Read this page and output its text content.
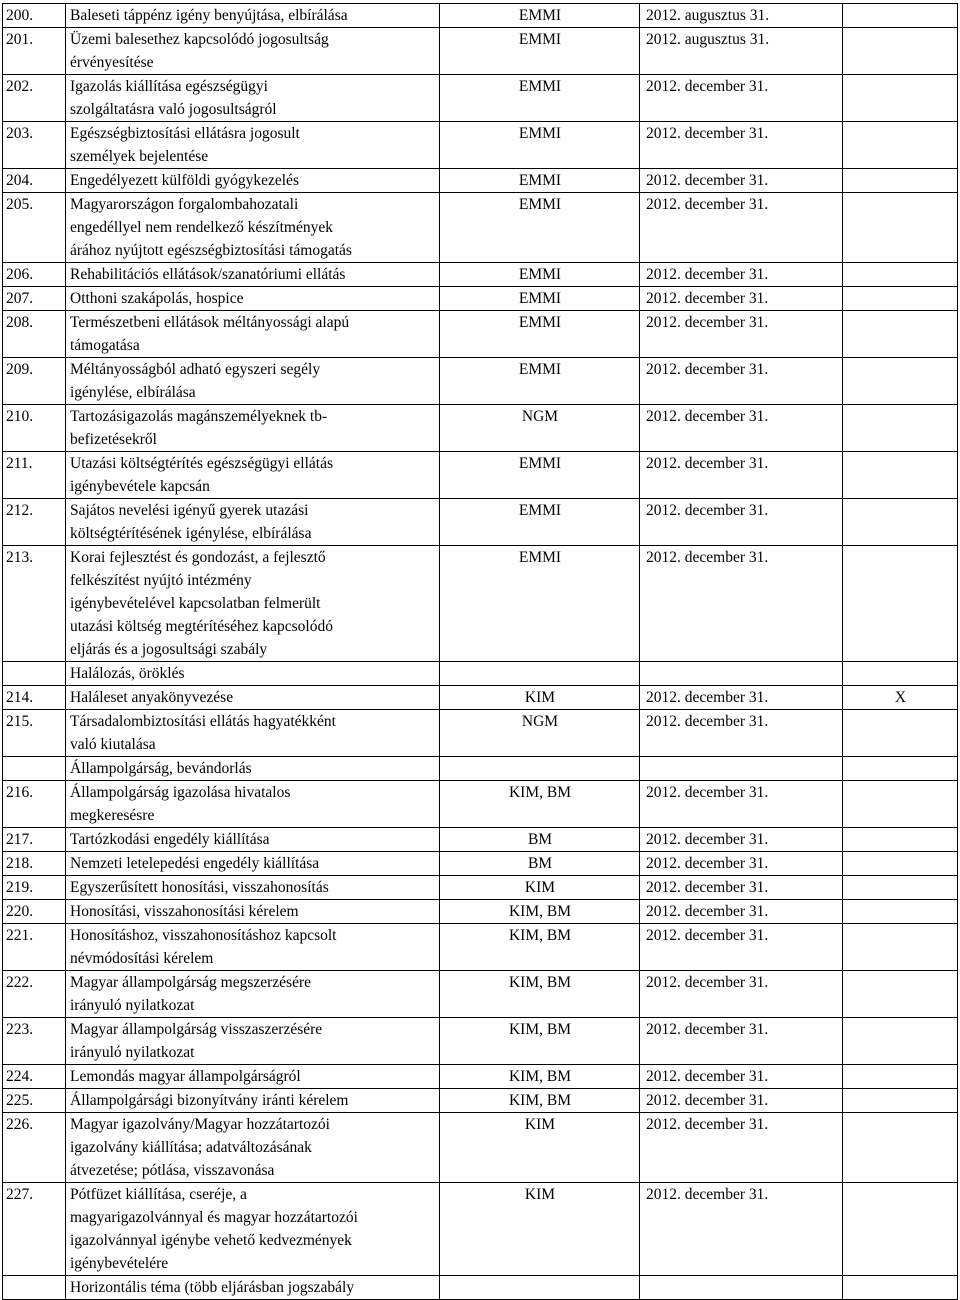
200.	Baleseti táppénz igény benyújtása, elbírálása	EMMI	2012. augusztus 31.	
201.	Üzemi balesethez kapcsolódó jogosultság
érvényesítése	EMMI	2012. augusztus 31.	
202.	Igazolás kiállítása egészségügyi
szolgáltatásra való jogosultságról	EMMI	2012. december 31.	
203.	Egészségbiztosítási ellátásra jogosult
személyek bejelentése	EMMI	2012. december 31.	
204.	Engedélyezett külföldi gyógykezelés	EMMI	2012. december 31.	
205.	Magyarországon forgalombahozatali
engedéllyel nem rendelkező készítmények
árához nyújtott egészségbiztosítási támogatás	EMMI	2012. december 31.	
206.	Rehabilitációs ellátások/szanatóriumi ellátás	EMMI	2012. december 31.	
207.	Otthoni szakápolás, hospice	EMMI	2012. december 31.	
208.	Természetbeni ellátások méltányossági alapú
támogatása	EMMI	2012. december 31.	
209.	Méltányosságból adható egyszeri segély
igénylése, elbírálása	EMMI	2012. december 31.	
210.	Tartozásigazolás magánszemélyeknek tb-
befizetésekről	NGM	2012. december 31.	
211.	Utazási költségtérítés egészségügyi ellátás
igénybevétele kapcsán	EMMI	2012. december 31.	
212.	Sajátos nevelési igényű gyerek utazási
költségtérítésének igénylése, elbírálása	EMMI	2012. december 31.	
213.	Korai fejlesztést és gondozást, a fejlesztő
felkészítést nyújtó intézmény
igénybevételével kapcsolatban felmerült
utazási költség megtérítéséhez kapcsolódó
eljárás és a jogosultsági szabály	EMMI	2012. december 31.	
	Halálozás, öröklés			
214.	Haláleset anyakönyvezése	KIM	2012. december 31.	X
215.	Társadalombiztosítási ellátás hagyatékként
való kiutalása	NGM	2012. december 31.	
	Állampolgárság, bevándorlás			
216.	Állampolgárság igazolása hivatalos
megkeresésre	KIM, BM	2012. december 31.	
217.	Tartózkodási engedély kiállítása	BM	2012. december 31.	
218.	Nemzeti letelepedési engedély kiállítása	BM	2012. december 31.	
219.	Egyszerűsített honosítási, visszahonosítás	KIM	2012. december 31.	
220.	Honosítási, visszahonosítási kérelem	KIM, BM	2012. december 31.	
221.	Honosításhoz, visszahonosításhoz kapcsolt
névmódosítási kérelem	KIM, BM	2012. december 31.	
222.	Magyar állampolgárság megszerzésére
irányuló nyilatkozat	KIM, BM	2012. december 31.	
223.	Magyar állampolgárság visszaszerzésére
irányuló nyilatkozat	KIM, BM	2012. december 31.	
224.	Lemondás magyar állampolgárságról	KIM, BM	2012. december 31.	
225.	Állampolgársági bizonyítvány iránti kérelem	KIM, BM	2012. december 31.	
226.	Magyar igazolvány/Magyar hozzátartozói
igazolvány kiállítása; adatváltozásának
átvezetése; pótlása, visszavonása	KIM	2012. december 31.	
227.	Pótfüzet kiállítása, cseréje, a
magyarigazolvánnyal és magyar hozzátartozói
igazolvánnyal igénybe vehető kedvezmények
igénybevételére	KIM	2012. december 31.	
	Horizontális téma (több eljárásban jogszabály			
